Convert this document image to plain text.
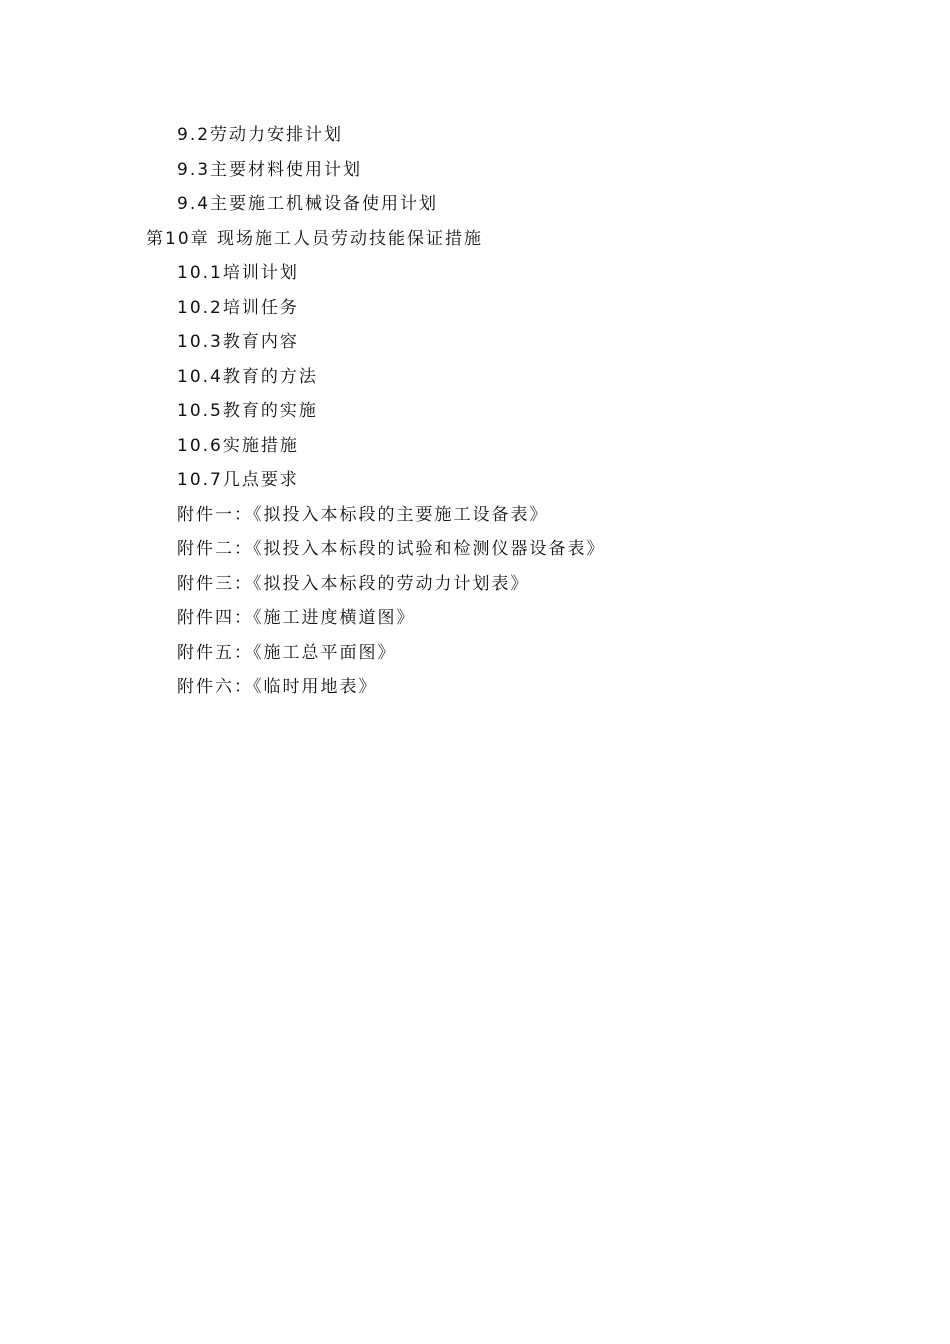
9.2劳动力安排计划
9.3主要材料使用计划
9.4主要施工机械设备使用计划
第10章 现场施工人员劳动技能保证措施
10.1培训计划
10.2培训任务
10.3教育内容
10.4教育的方法
10.5教育的实施
10.6实施措施
10.7几点要求
附件一：《拟投入本标段的主要施工设备表》
附件二：《拟投入本标段的试验和检测仪器设备表》
附件三：《拟投入本标段的劳动力计划表》
附件四：《施工进度横道图》
附件五：《施工总平面图》
附件六：《临时用地表》
